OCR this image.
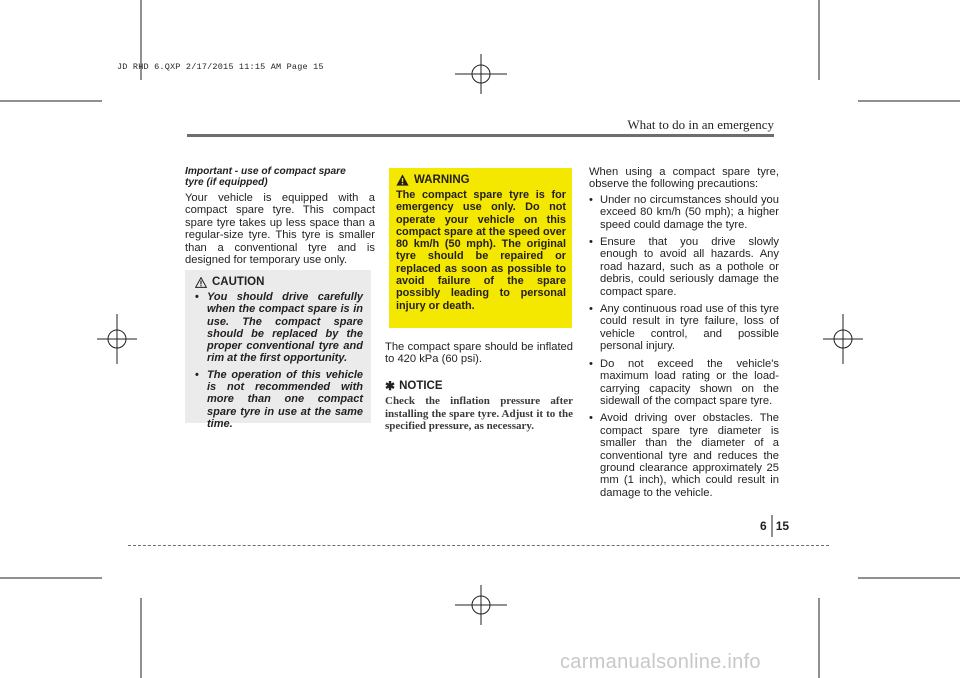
JD RHD 6.QXP 2/17/2015 11:15 AM Page 15
What to do in an emergency
Important - use of compact spare
tyre (if equipped)

Your vehicle is equipped with a compact spare tyre. This compact spare tyre takes up less space than a regular-size tyre. This tyre is smaller than a conventional tyre and is designed for temporary use only.

CAUTION
• You should drive carefully when the compact spare is in use. The compact spare should be replaced by the proper conventional tyre and rim at the first opportunity.
• The operation of this vehicle is not recommended with more than one compact spare tyre in use at the same time.
WARNING

The compact spare tyre is for emergency use only. Do not operate your vehicle on this compact spare at the speed over 80 km/h (50 mph). The original tyre should be repaired or replaced as soon as possible to avoid failure of the spare possibly leading to personal injury or death.

The compact spare should be inflated to 420 kPa (60 psi).

✱ NOTICE

Check the inflation pressure after installing the spare tyre. Adjust it to the specified pressure, as necessary.

When using a compact spare tyre, observe the following precautions:

• Under no circumstances should you exceed 80 km/h (50 mph); a higher speed could damage the tyre.
• Ensure that you drive slowly enough to avoid all hazards. Any road hazard, such as a pothole or debris, could seriously damage the compact spare.
• Any continuous road use of this tyre could result in tyre failure, loss of vehicle control, and possible personal injury.
• Do not exceed the vehicle's maximum load rating or the load-carrying capacity shown on the sidewall of the compact spare tyre.
• Avoid driving over obstacles. The compact spare tyre diameter is smaller than the diameter of a conventional tyre and reduces the ground clearance approximately 25 mm (1 inch), which could result in damage to the vehicle.
6 15
carmanualsonline.info
